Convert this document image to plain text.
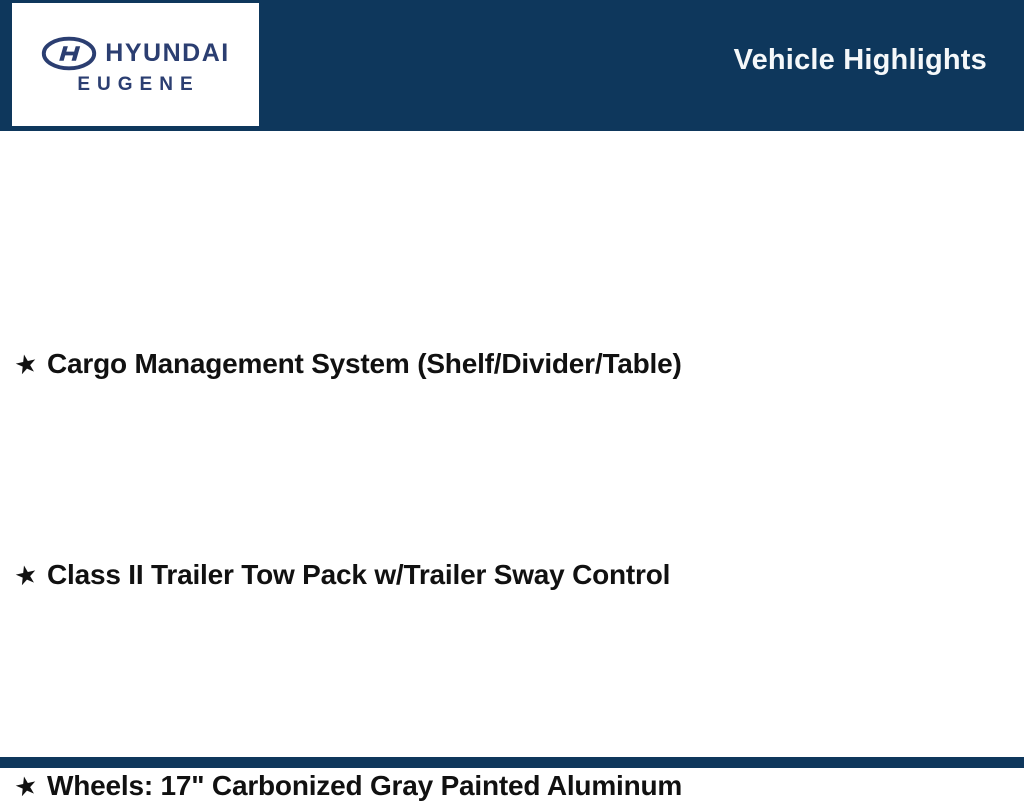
HYUNDAI
EUGENE
Vehicle Highlights
★ Cargo Management System (Shelf/Divider/Table)
★ Class II Trailer Tow Pack w/Trailer Sway Control
★ Wheels: 17" Carbonized Gray Painted Aluminum
